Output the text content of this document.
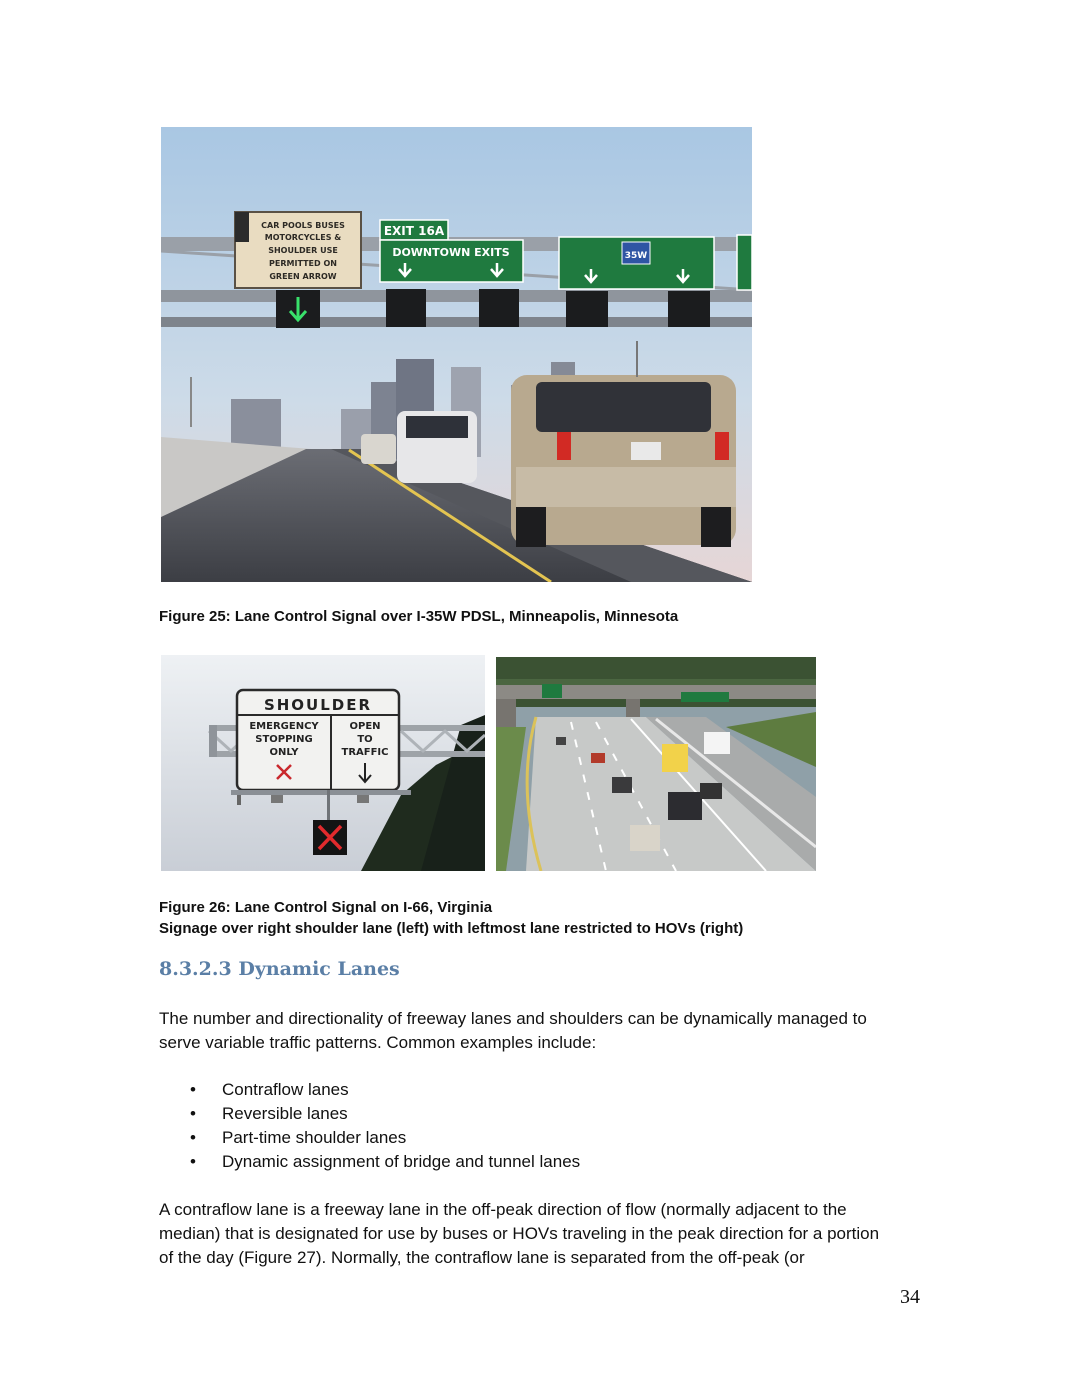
CAR POOLS BUSES
MOTORCYCLES &
SHOULDER USE
PERMITTED ON
GREEN ARROW
EXIT 16A
DOWNTOWN EXITS	35W
Figure 25: Lane Control Signal over I-35W PDSL, Minneapolis, Minnesota
SHOULDER
EMERGENCY
STOPPING
ONLY
OPEN
TO
TRAFFIC
Figure 26: Lane Control Signal on I-66, Virginia
Signage over right shoulder lane (left) with leftmost lane restricted to HOVs (right)
8.3.2.3 Dynamic Lanes
The number and directionality of freeway lanes and shoulders can be dynamically managed to
serve variable traffic patterns. Common examples include:
• Contraflow lanes
• Reversible lanes
• Part-time shoulder lanes
• Dynamic assignment of bridge and tunnel lanes
A contraflow lane is a freeway lane in the off-peak direction of flow (normally adjacent to the
median) that is designated for use by buses or HOVs traveling in the peak direction for a portion
of the day (Figure 27). Normally, the contraflow lane is separated from the off-peak (or
34
